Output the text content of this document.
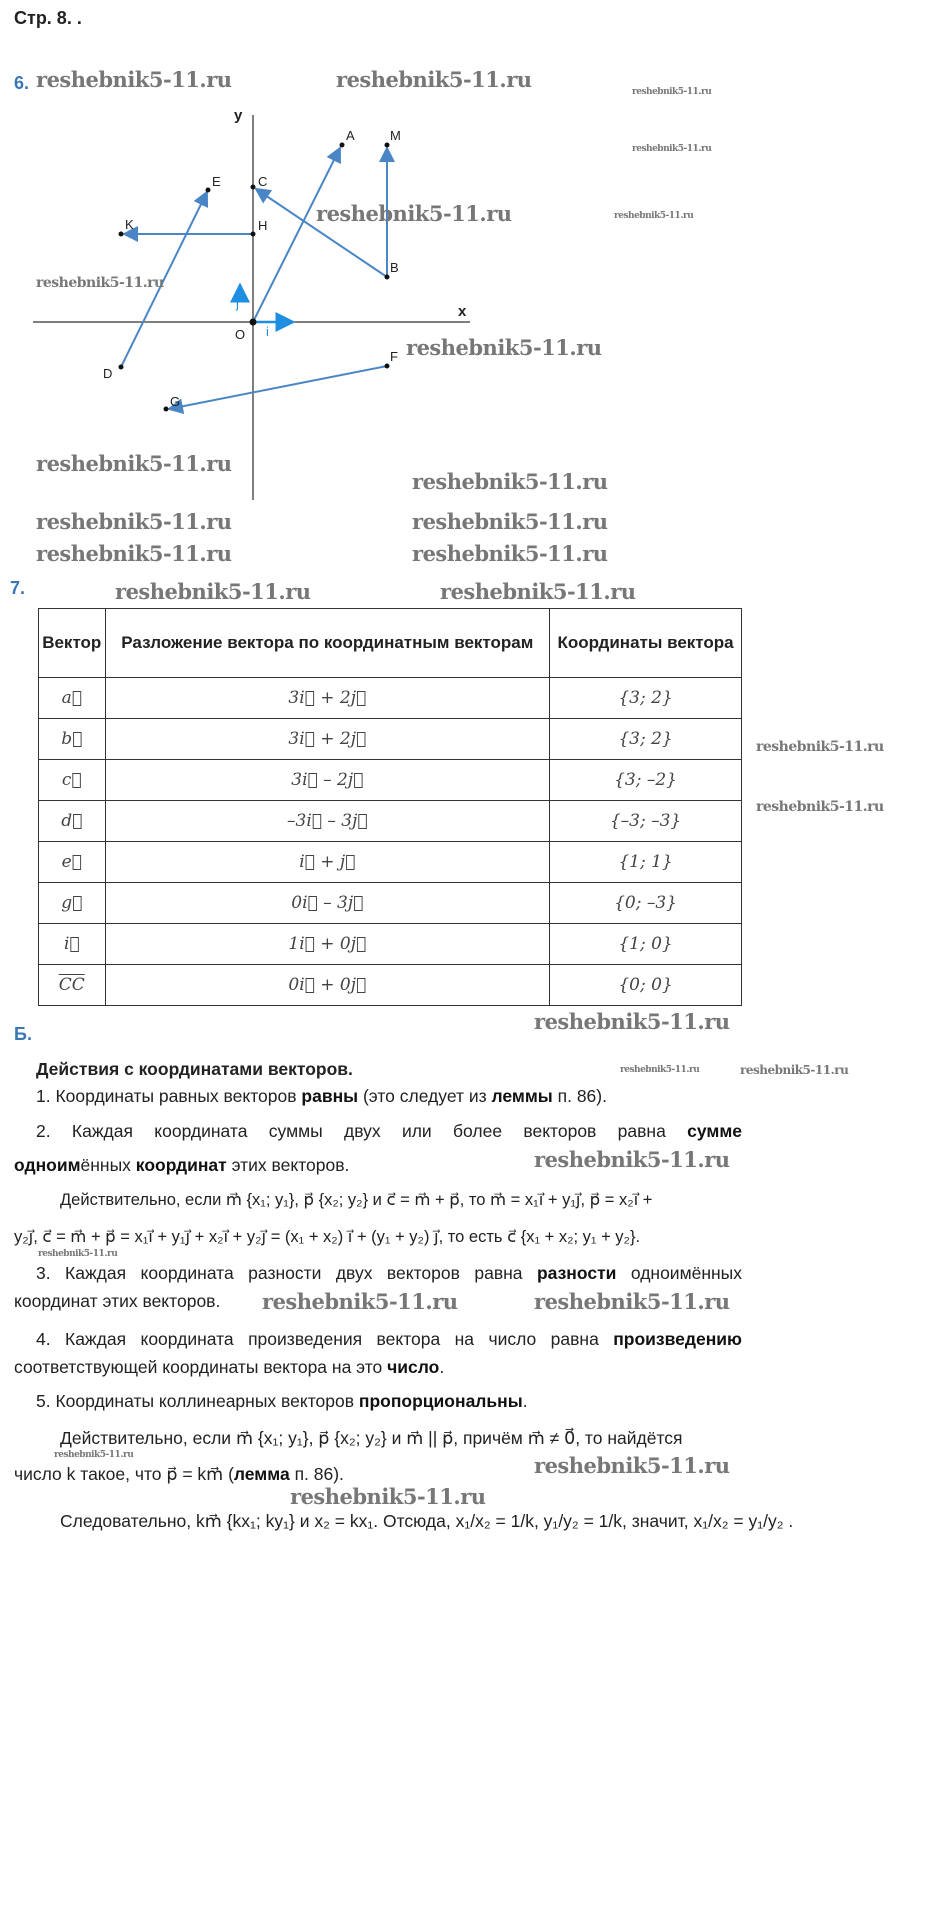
Стр. 8. .
6.
y
x
O i
j
A	M
B
C
H
K
E
D
F
G
reshebnik5-11.ru	reshebnik5-11.ru	reshebnik5-11.ru
reshebnik5-11.ru
reshebnik5-11.ru
reshebnik5-11.ru
reshebnik5-11.ru
reshebnik5-11.ru
reshebnik5-11.ru
reshebnik5-11.ru
reshebnik5-11.ru	reshebnik5-11.ru
reshebnik5-11.ru	reshebnik5-11.ru
7.	reshebnik5-11.ru	reshebnik5-11.ru
Вектор	Разложение вектора по координатным векторам	Координаты вектора
a⃗	3i⃗ + 2j⃗	{3; 2}
b⃗	3i⃗ + 2j⃗	{3; 2}
c⃗	3i⃗ – 2j⃗	{3; –2}
d⃗	–3i⃗ – 3j⃗	{–3; –3}
e⃗	i⃗ + j⃗	{1; 1}
g⃗	0i⃗ – 3j⃗	{0; –3}
i⃗	1i⃗ + 0j⃗	{1; 0}
$\overline{CC}$	0i⃗ + 0j⃗	{0; 0}
reshebnik5-11.ru
reshebnik5-11.ru
Б.	reshebnik5-11.ru
Действия с координатами векторов.	reshebnik5-11.ru	reshebnik5-11.ru
1. Координаты равных векторов равны (это следует из леммы п. 86).
2. Каждая координата суммы двух или более векторов равна сумме
одноимённых координат этих векторов.	reshebnik5-11.ru
Действительно, если m⃗ {x₁; y₁}, p⃗ {x₂; y₂} и c⃗ = m⃗ + p⃗, то m⃗ = x₁i⃗ + y₁j⃗, p⃗ = x₂i⃗ +
y₂j⃗, c⃗ = m⃗ + p⃗ = x₁i⃗ + y₁j⃗ + x₂i⃗ + y₂j⃗ = (x₁ + x₂) i⃗ + (y₁ + y₂) j⃗, то есть c⃗ {x₁ + x₂; y₁ + y₂}.
reshebnik5-11.ru
3. Каждая координата разности двух векторов равна разности одноимённых
координат этих векторов.	reshebnik5-11.ru	reshebnik5-11.ru
4. Каждая координата произведения вектора на число равна произведению
соответствующей координаты вектора на это число.
5. Координаты коллинеарных векторов пропорциональны.
Действительно, если m⃗ {x₁; y₁}, p⃗ {x₂; y₂} и m⃗ || p⃗, причём m⃗ ≠ 0⃗, то найдётся
reshebnik5-11.ru	reshebnik5-11.ru
число k такое, что p⃗ = km⃗ (лемма п. 86).
reshebnik5-11.ru
Следовательно, km⃗ {kx₁; ky₁} и x₂ = kx₁. Отсюда, x₁/x₂ = 1/k, y₁/y₂ = 1/k, значит, x₁/x₂ = y₁/y₂ .
